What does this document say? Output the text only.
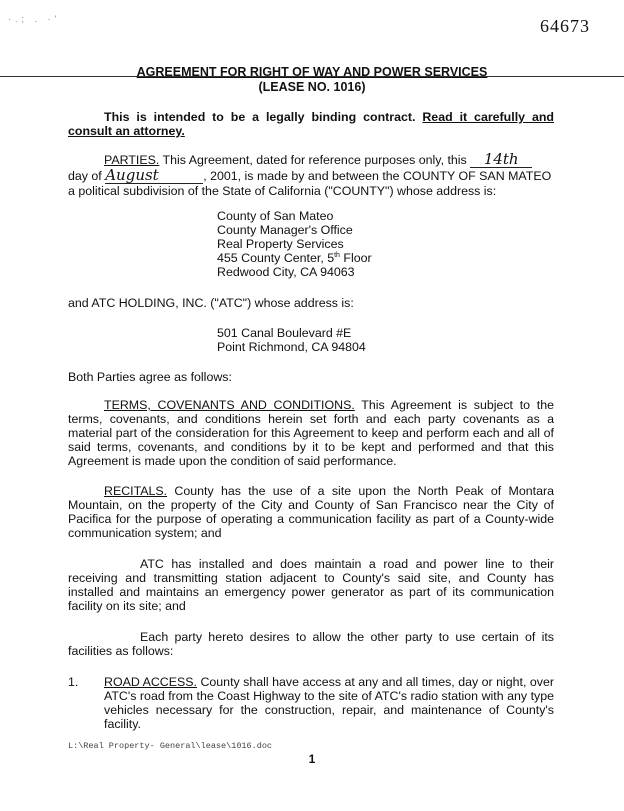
·.; . ·'	64673
AGREEMENT FOR RIGHT OF WAY AND POWER SERVICES
(LEASE NO. 1016)
This is intended to be a legally binding contract. Read it carefully and consult an attorney.
PARTIES. This Agreement, dated for reference purposes only, this 14th
day of August	, 2001, is made by and between the COUNTY OF SAN MATEO
a political subdivision of the State of California ("COUNTY") whose address is:
County of San Mateo
County Manager's Office
Real Property Services
455 County Center, 5th Floor
Redwood City, CA 94063
and ATC HOLDING, INC. ("ATC") whose address is:
501 Canal Boulevard #E
Point Richmond, CA 94804
Both Parties agree as follows:
TERMS, COVENANTS AND CONDITIONS. This Agreement is subject to the terms, covenants, and conditions herein set forth and each party covenants as a material part of the consideration for this Agreement to keep and perform each and all of said terms, covenants, and conditions by it to be kept and performed and that this Agreement is made upon the condition of said performance.
RECITALS. County has the use of a site upon the North Peak of Montara Mountain, on the property of the City and County of San Francisco near the City of Pacifica for the purpose of operating a communication facility as part of a County-wide communication system; and
ATC has installed and does maintain a road and power line to their receiving and transmitting station adjacent to County's said site, and County has installed and maintains an emergency power generator as part of its communication facility on its site; and
Each party hereto desires to allow the other party to use certain of its facilities as follows:
1. ROAD ACCESS. County shall have access at any and all times, day or night, over ATC's road from the Coast Highway to the site of ATC's radio station with any type vehicles necessary for the construction, repair, and maintenance of County's facility.
L:\Real Property- General\lease\1016.doc
1
